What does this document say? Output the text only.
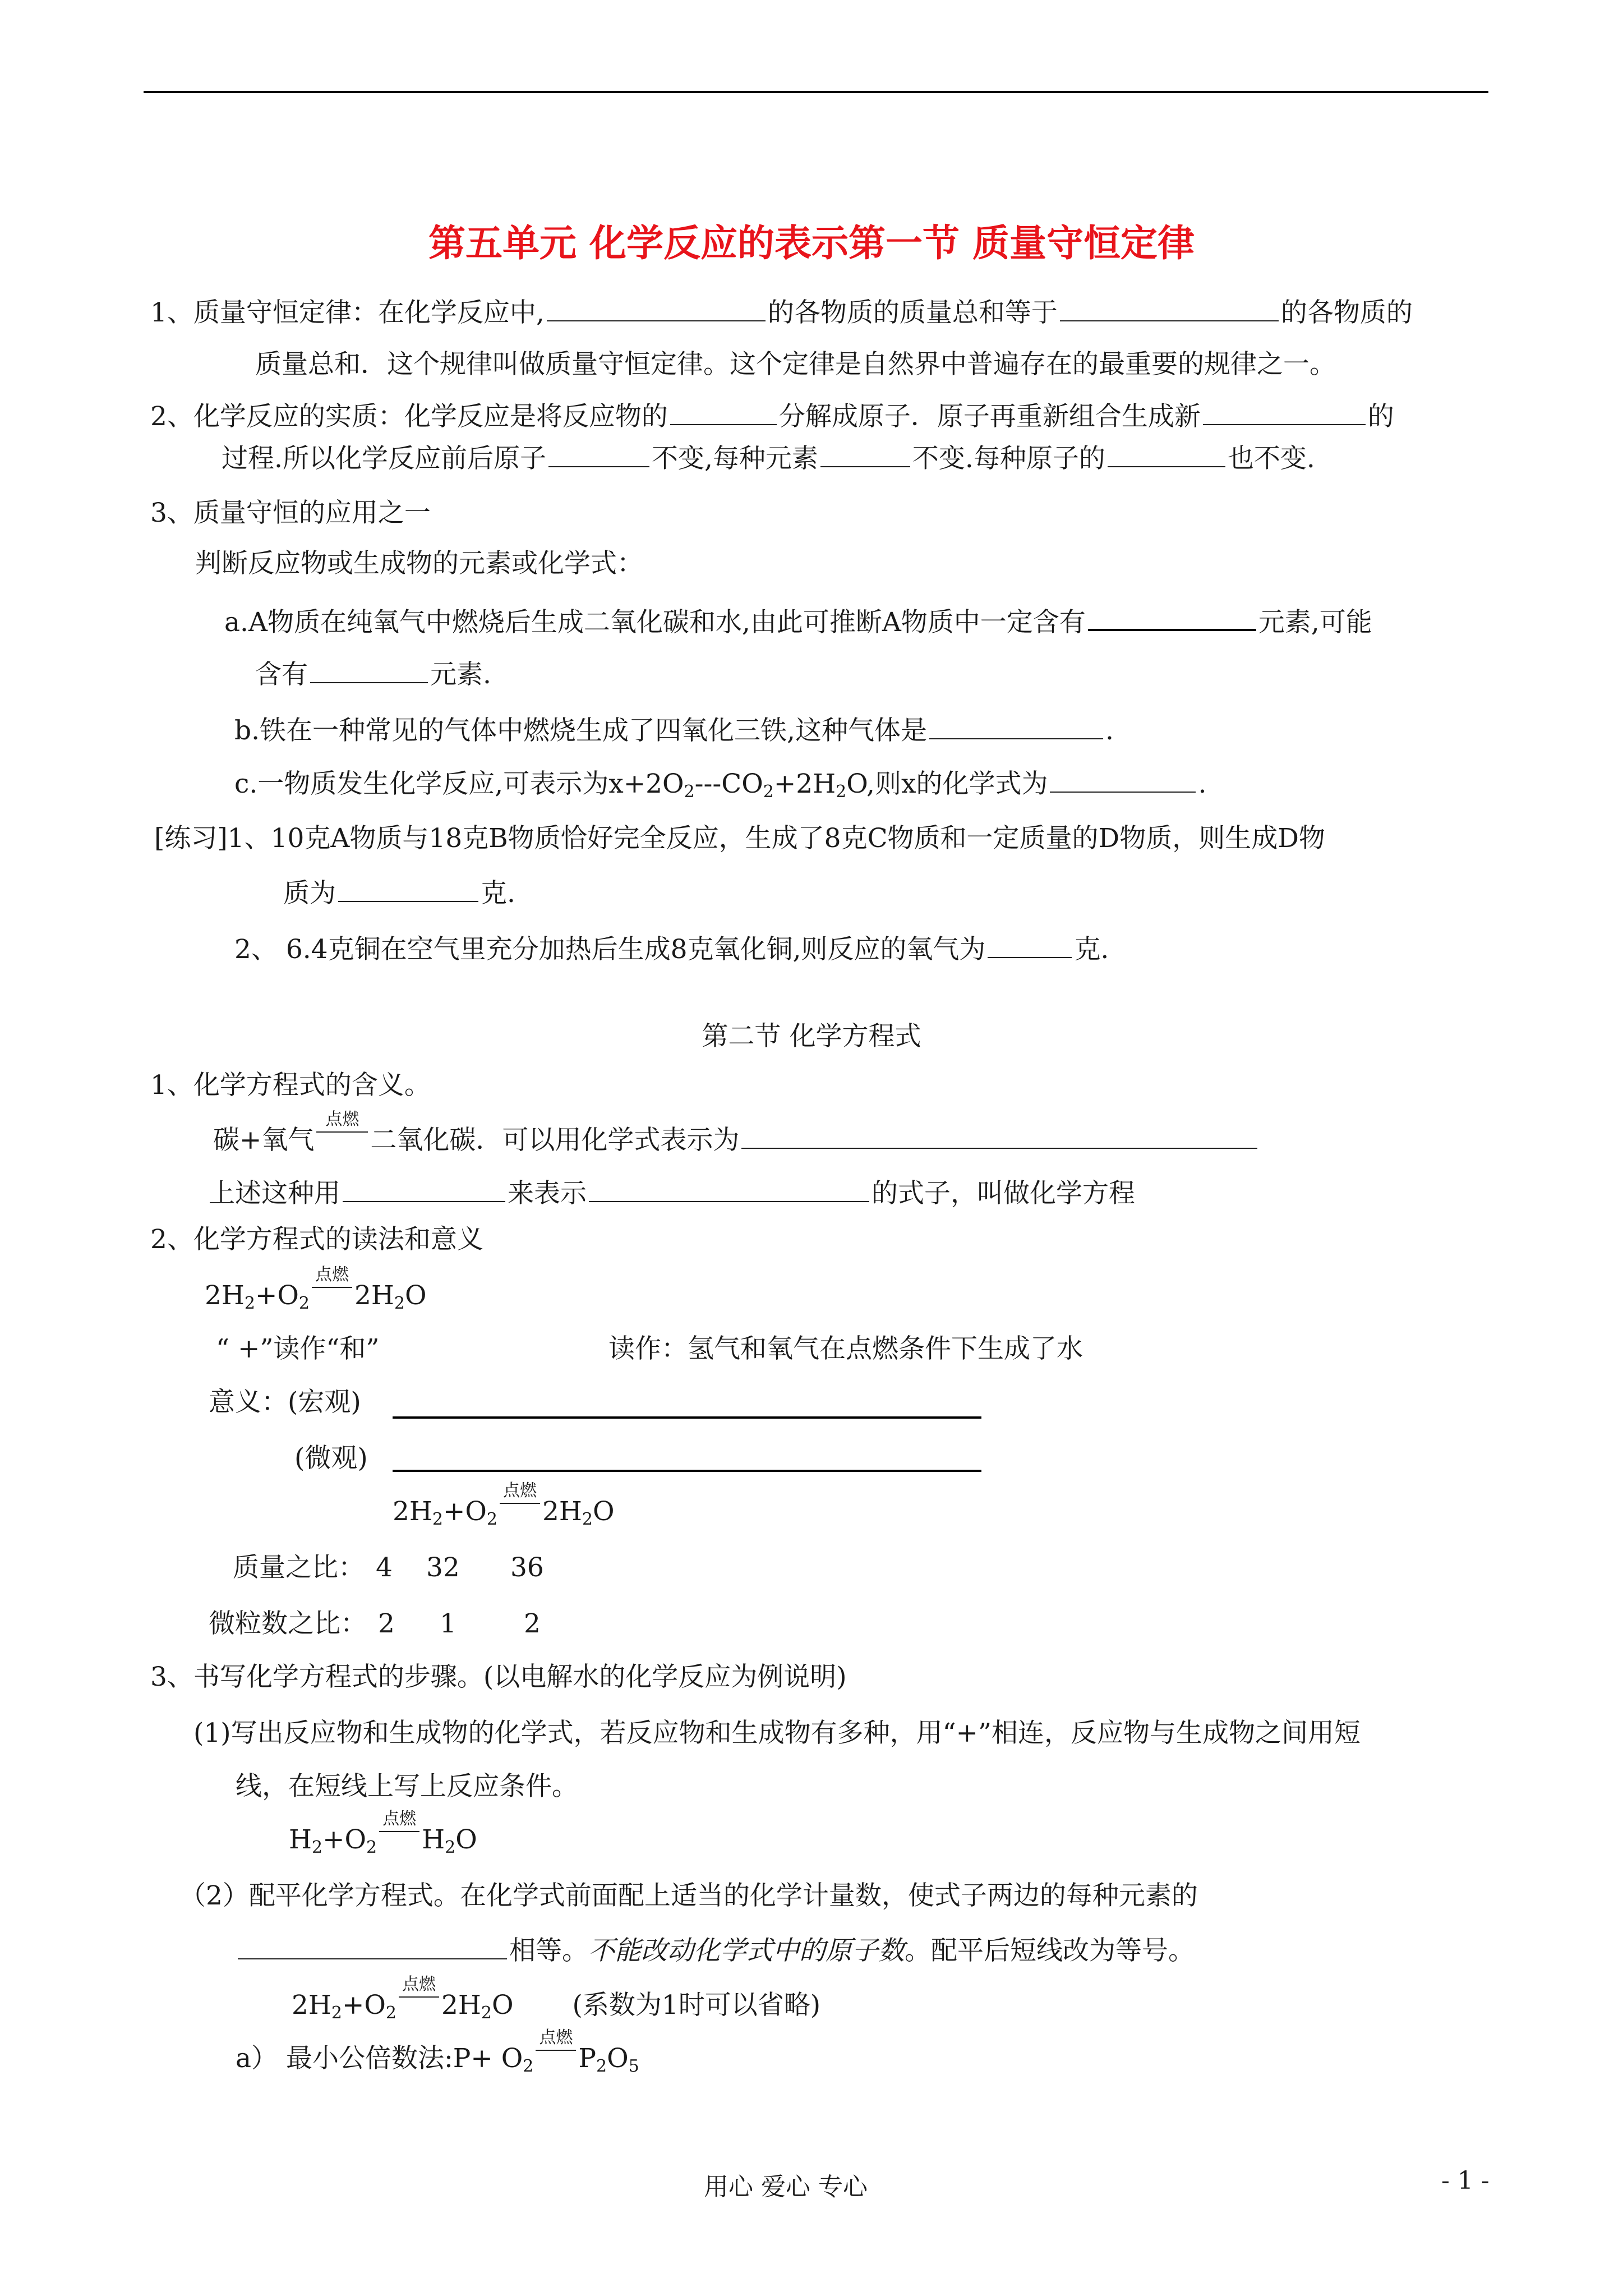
第五单元 化学反应的表示第一节 质量守恒定律
1、质量守恒定律：在化学反应中,	的各物质的质量总和等于	的各物质的
质量总和．这个规律叫做质量守恒定律。这个定律是自然界中普遍存在的最重要的规律之一。
2、化学反应的实质：化学反应是将反应物的	分解成原子．原子再重新组合生成新	的
过程.所以化学反应前后原子	不变,每种元素	不变.每种原子的	也不变.
3、质量守恒的应用之一
判断反应物或生成物的元素或化学式：
a.A物质在纯氧气中燃烧后生成二氧化碳和水,由此可推断A物质中一定含有	元素,可能
含有	元素.
b.铁在一种常见的气体中燃烧生成了四氧化三铁,这种气体是	.
c.一物质发生化学反应,可表示为$x+2O_2---CO_2+2H_2O$,则x的化学式为	.
[练习]1、10克A物质与18克B物质恰好完全反应，生成了8克C物质和一定质量的D物质，则生成D物
质为	克.
2、 6.4克铜在空气里充分加热后生成8克氧化铜,则反应的氧气为	克.
第二节 化学方程式
1、化学方程式的含义。
碳+氧气
点燃
二氧化碳．可以用化学式表示为
上述这种用	来表示	的式子，叫做化学方程
2、化学方程式的读法和意义
$2H_2+O_2$
点燃
$2H_2O$
“ +”读作“和”	读作：氢气和氧气在点燃条件下生成了水
意义：(宏观)
(微观)
$2H_2+O_2$
点燃
$2H_2O$
质量之比： 4 32 36
微粒数之比： 2 1	2
3、书写化学方程式的步骤。(以电解水的化学反应为例说明)
(1)写出反应物和生成物的化学式，若反应物和生成物有多种，用“+”相连，反应物与生成物之间用短
线，在短线上写上反应条件。
$H_2+O_2$
点燃
$H_2O$
（2）配平化学方程式。在化学式前面配上适当的化学计量数，使式子两边的每种元素的
相等。不能改动化学式中的原子数。配平后短线改为等号。
$2H_2+O_2$
点燃
$2H_2O$ (系数为1时可以省略)
a） 最小公倍数法:P+ $O_2$
点燃
$P_2O_5$
用心 爱心 专心	- 1 -
